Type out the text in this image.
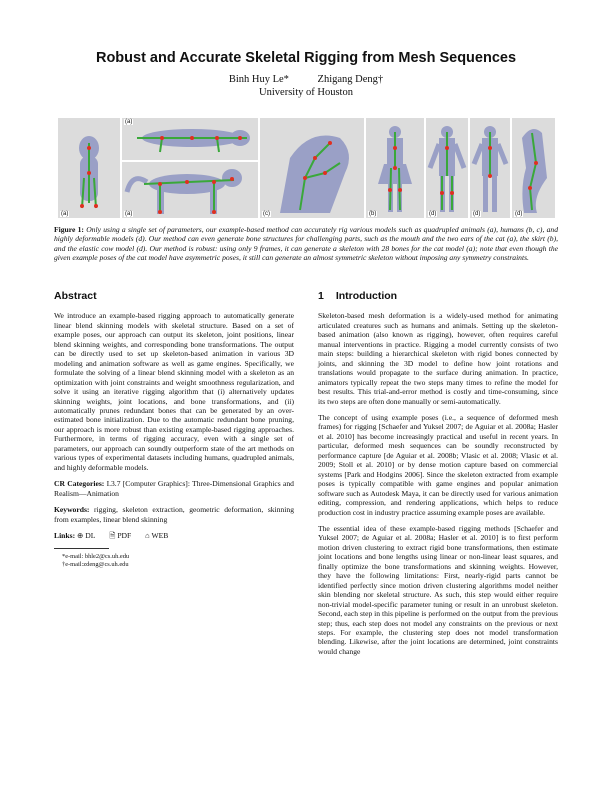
Robust and Accurate Skeletal Rigging from Mesh Sequences
Binh Huy Le*	Zhigang Deng†
University of Houston
(a)
(a)
(a)	(c)	(b)	(d)	(d)	(d)
Figure 1: Only using a single set of parameters, our example-based method can accurately rig various models such as quadrupled animals (a), humans (b, c), and highly deformable models (d). Our method can even generate bone structures for challenging parts, such as the mouth and the two ears of the cat (a), the skirt (b), and the elastic cow model (d). Our method is robust: using only 9 frames, it can generate a skeleton with 28 bones for the cat model (a); note that even though the given example poses of the cat model have asymmetric poses, it still can generate an almost symmetric skeleton without imposing any symmetry constraints.
Abstract

We introduce an example-based rigging approach to automatically generate linear blend skinning models with skeletal structure. Based on a set of example poses, our approach can output its skeleton, joint positions, linear blend skinning weights, and corresponding bone transformations. The output can be directly used to set up skeleton-based animation in various 3D modeling and animation software as well as game engines. Specifically, we formulate the solving of a linear blend skinning model with a skeleton as an optimization with joint constraints and weight smoothness regularization, and solve it using an iterative rigging algorithm that (i) alternatively updates skinning weights, joint locations, and bone transformations, and (ii) automatically prunes redundant bones that can be generated by an over-estimated bone initialization. Due to the automatic redundant bone pruning, our approach is more robust than existing example-based rigging approaches. Furthermore, in terms of rigging accuracy, even with a single set of parameters, our approach can soundly outperform state of the art methods on various types of experimental datasets including humans, quadrupled animals, and highly deformable models.

CR Categories: I.3.7 [Computer Graphics]: Three-Dimensional Graphics and Realism—Animation

Keywords: rigging, skeleton extraction, geometric deformation, skinning from examples, linear blend skinning

Links: ⊕ DL 🗎 PDF ⌂ WEB

*e-mail: bhle2@cs.uh.edu
†e-mail:zdeng@cs.uh.edu
1 Introduction

Skeleton-based mesh deformation is a widely-used method for animating articulated creatures such as humans and animals. Setting up the skeleton-based animation (also known as rigging), however, often requires careful manual interventions in practice. Rigging a model currently consists of two main steps: building a hierarchical skeleton with rigid bones connected by joints, and skinning the 3D model to define how joint rotations and translations would propagate to the surface during animation. In practice, animators typically repeat the two steps many times to refine the model for best results. This trial-and-error method is costly and time-consuming, since its two steps are often done manually or semi-automatically.

The concept of using example poses (i.e., a sequence of deformed mesh frames) for rigging [Schaefer and Yuksel 2007; de Aguiar et al. 2008a; Hasler et al. 2010] has become increasingly practical and useful in recent years. In particular, deformed mesh sequences can be soundly reconstructed by performance capture [de Aguiar et al. 2008b; Vlasic et al. 2008; Vlasic et al. 2009; Stoll et al. 2010] or by dense motion capture based on commercial systems [Park and Hodgins 2006]. Since the skeleton extracted from example poses is typically compatible with game engines and popular animation software such as Autodesk Maya, it can be directly used for various animation editing, compression, and rendering applications, which helps to reduce production cost in industry practice assuming example poses are available.

The essential idea of these example-based rigging methods [Schaefer and Yuksel 2007; de Aguiar et al. 2008a; Hasler et al. 2010] is to first perform motion driven clustering to extract rigid bone transformations, then estimate joint locations and bone lengths using linear or non-linear least squares, and finally optimize the bone transformations and skinning weights. However, they have the following limitations: First, nearly-rigid parts cannot be identified perfectly since motion driven clustering algorithms model neither skin blending nor skeletal structure. As such, this step would either require non-trivial model-specific parameter tuning or result in an unrobust skeleton. Second, each step in this pipeline is performed on the output from the previous step; thus, each step does not model any constraints on the previous or next steps. For example, the clustering step does not model transformation blending. Likewise, after the joint locations are determined, joint constraints would change
